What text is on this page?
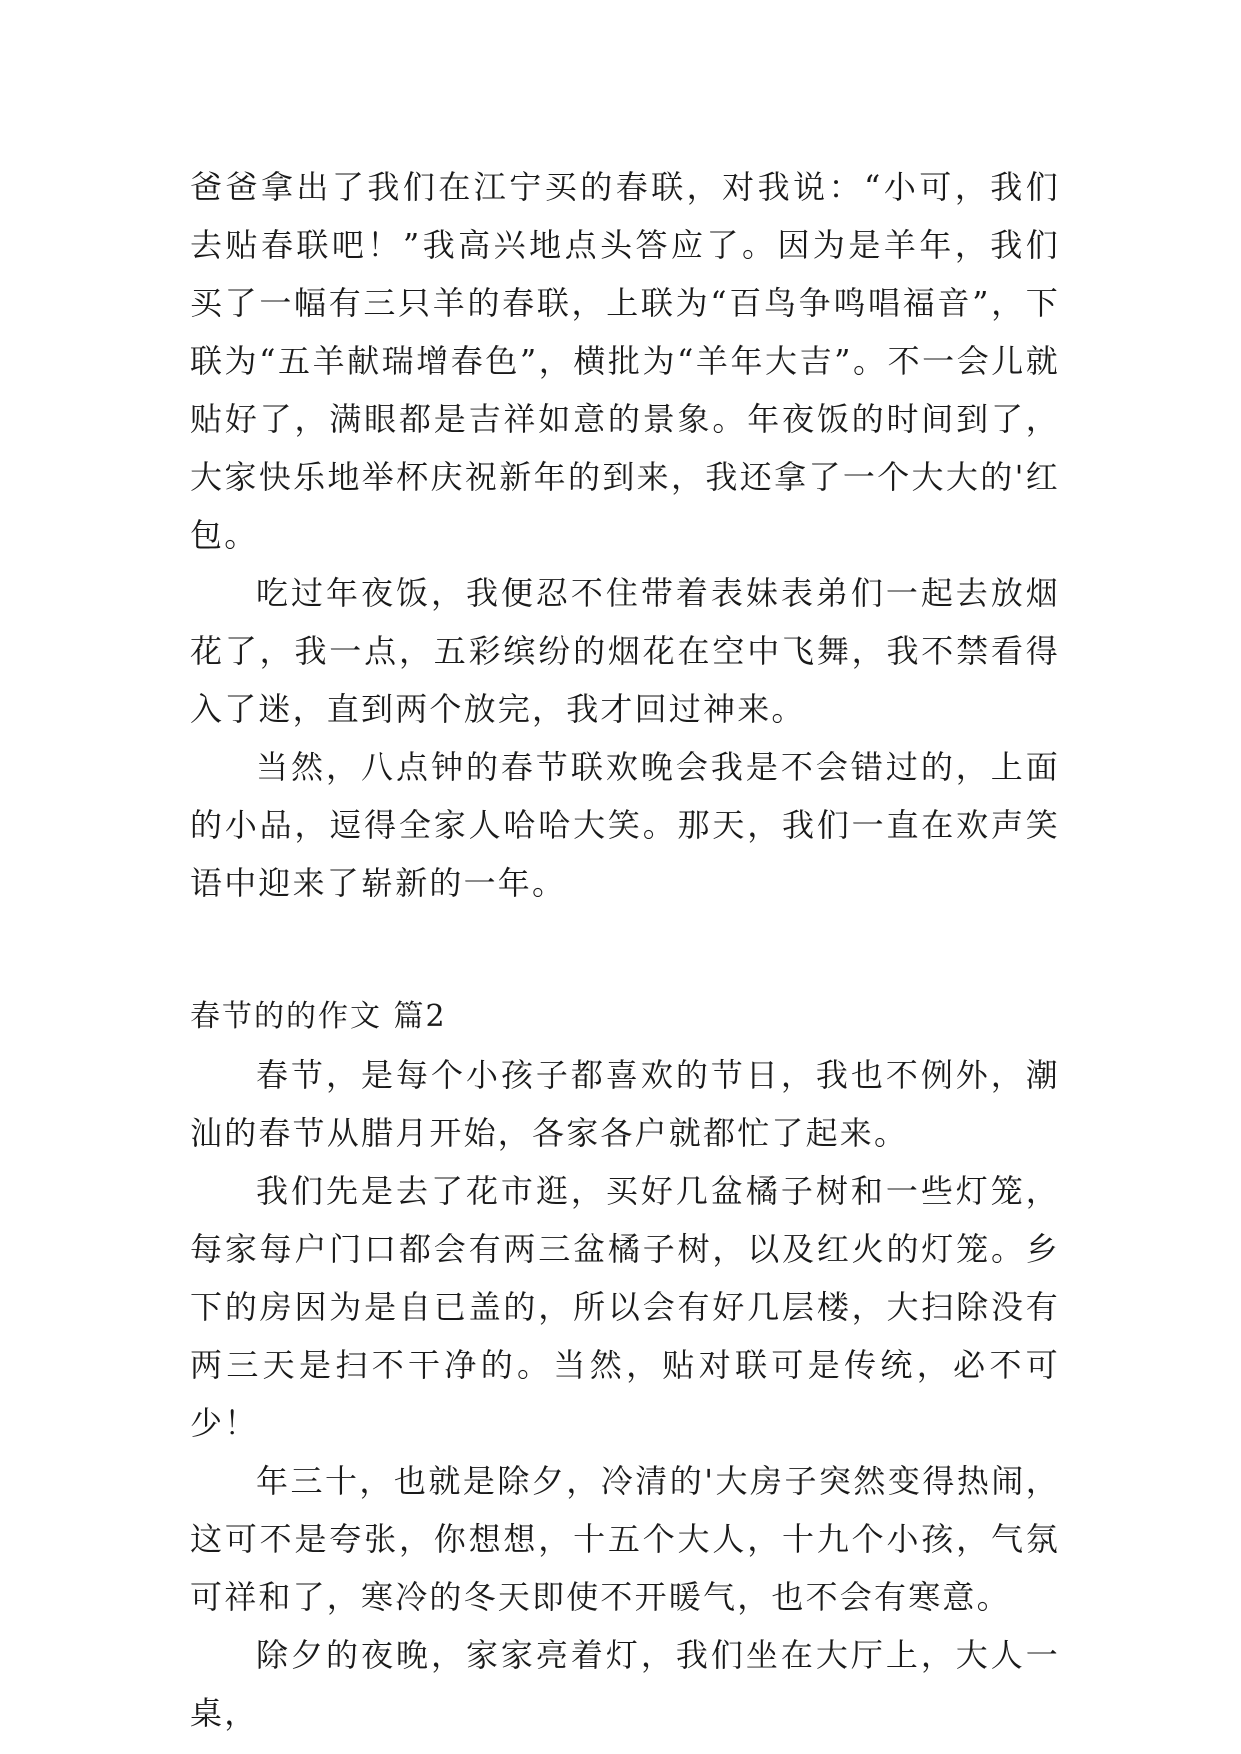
爸爸拿出了我们在江宁买的春联，对我说：“小可，我们去贴春联吧！”我高兴地点头答应了。因为是羊年，我们买了一幅有三只羊的春联，上联为“百鸟争鸣唱福音”，下联为“五羊献瑞增春色”，横批为“羊年大吉”。不一会儿就贴好了，满眼都是吉祥如意的景象。年夜饭的时间到了，大家快乐地举杯庆祝新年的到来，我还拿了一个大大的'红包。

吃过年夜饭，我便忍不住带着表妹表弟们一起去放烟花了，我一点，五彩缤纷的烟花在空中飞舞，我不禁看得入了迷，直到两个放完，我才回过神来。

当然，八点钟的春节联欢晚会我是不会错过的，上面的小品，逗得全家人哈哈大笑。那天，我们一直在欢声笑语中迎来了崭新的一年。

春节的的作文 篇2

春节，是每个小孩子都喜欢的节日，我也不例外，潮汕的春节从腊月开始，各家各户就都忙了起来。

我们先是去了花市逛，买好几盆橘子树和一些灯笼，每家每户门口都会有两三盆橘子树，以及红火的灯笼。乡下的房因为是自已盖的，所以会有好几层楼，大扫除没有两三天是扫不干净的。当然，贴对联可是传统，必不可少！

年三十，也就是除夕，冷清的'大房子突然变得热闹，这可不是夸张，你想想，十五个大人，十九个小孩，气氛可祥和了，寒冷的冬天即使不开暖气，也不会有寒意。

除夕的夜晚，家家亮着灯，我们坐在大厅上，大人一桌，
